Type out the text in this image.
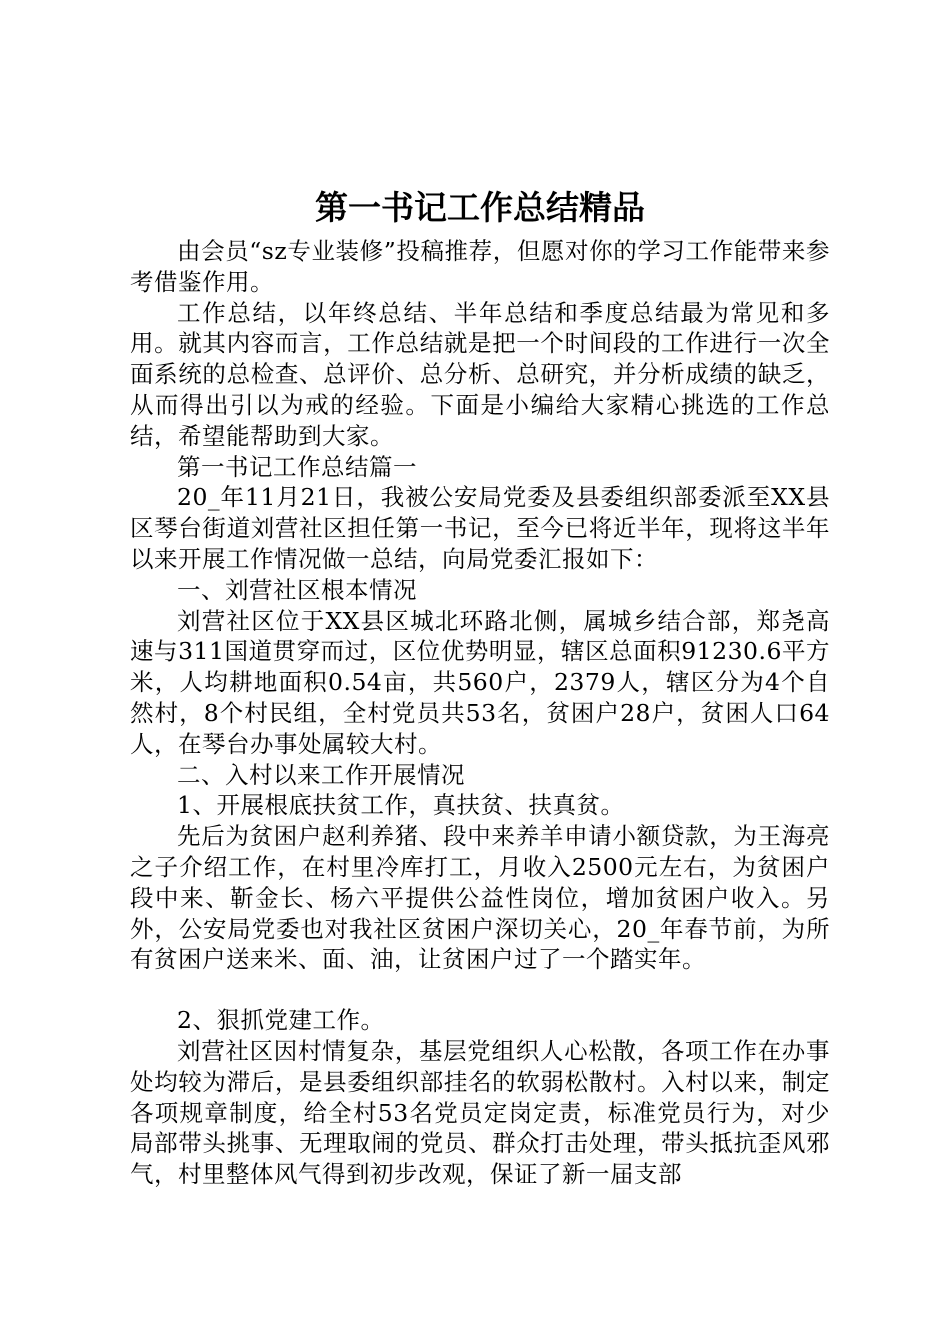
第一书记工作总结精品

由会员“sz专业装修”投稿推荐，但愿对你的学习工作能带来参考借鉴作用。

工作总结，以年终总结、半年总结和季度总结最为常见和多用。就其内容而言，工作总结就是把一个时间段的工作进行一次全面系统的总检查、总评价、总分析、总研究，并分析成绩的缺乏，从而得出引以为戒的经验。下面是小编给大家精心挑选的工作总结，希望能帮助到大家。

第一书记工作总结篇一

20_年11月21日，我被公安局党委及县委组织部委派至XX县区琴台街道刘营社区担任第一书记，至今已将近半年，现将这半年以来开展工作情况做一总结，向局党委汇报如下：

一、刘营社区根本情况

刘营社区位于XX县区城北环路北侧，属城乡结合部，郑尧高速与311国道贯穿而过，区位优势明显，辖区总面积91230.6平方米，人均耕地面积0.54亩，共560户，2379人，辖区分为4个自然村，8个村民组，全村党员共53名，贫困户28户，贫困人口64人，在琴台办事处属较大村。

二、入村以来工作开展情况

1、开展根底扶贫工作，真扶贫、扶真贫。

先后为贫困户赵利养猪、段中来养羊申请小额贷款，为王海亮之子介绍工作，在村里冷库打工，月收入2500元左右，为贫困户段中来、靳金长、杨六平提供公益性岗位，增加贫困户收入。另外，公安局党委也对我社区贫困户深切关心，20_年春节前，为所有贫困户送来米、面、油，让贫困户过了一个踏实年。

2、狠抓党建工作。

刘营社区因村情复杂，基层党组织人心松散，各项工作在办事处均较为滞后，是县委组织部挂名的软弱松散村。入村以来，制定各项规章制度，给全村53名党员定岗定责，标准党员行为，对少局部带头挑事、无理取闹的党员、群众打击处理，带头抵抗歪风邪气，村里整体风气得到初步改观，保证了新一届支部
